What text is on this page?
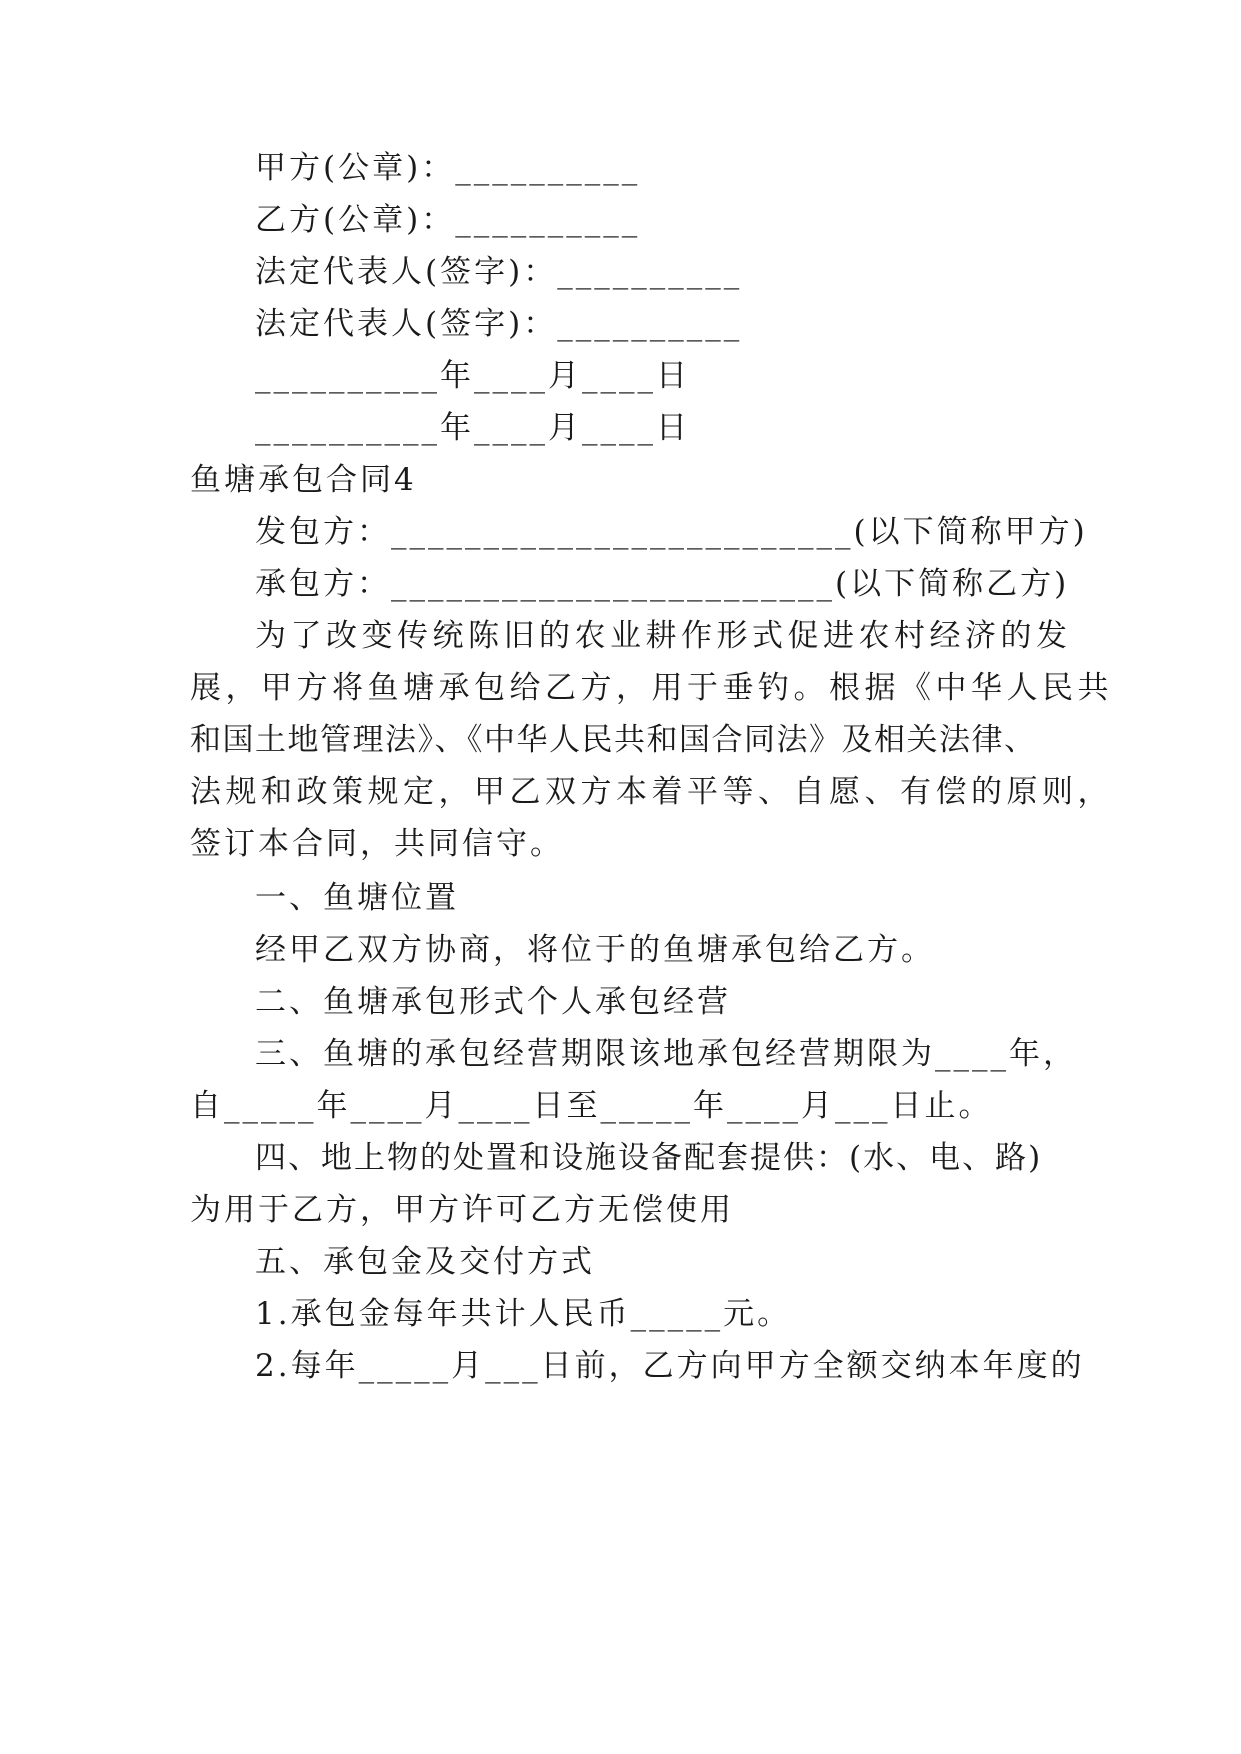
甲方(公章)：__________
乙方(公章)：__________
法定代表人(签字)：__________
法定代表人(签字)：__________
__________年____月____日
__________年____月____日
鱼塘承包合同4
发包方：_________________________(以下简称甲方)
承包方：________________________(以下简称乙方)
为了改变传统陈旧的农业耕作形式促进农村经济的发
展，甲方将鱼塘承包给乙方，用于垂钓。根据《中华人民共
和国土地管理法》、《中华人民共和国合同法》及相关法律、
法规和政策规定，甲乙双方本着平等、自愿、有偿的原则，
签订本合同，共同信守。
一、鱼塘位置
经甲乙双方协商，将位于的鱼塘承包给乙方。
二、鱼塘承包形式个人承包经营
三、鱼塘的承包经营期限该地承包经营期限为____年，
自_____年____月____日至_____年____月___日止。
四、地上物的处置和设施设备配套提供：(水、电、路)
为用于乙方，甲方许可乙方无偿使用
五、承包金及交付方式
1.承包金每年共计人民币_____元。
2.每年_____月___日前，乙方向甲方全额交纳本年度的
